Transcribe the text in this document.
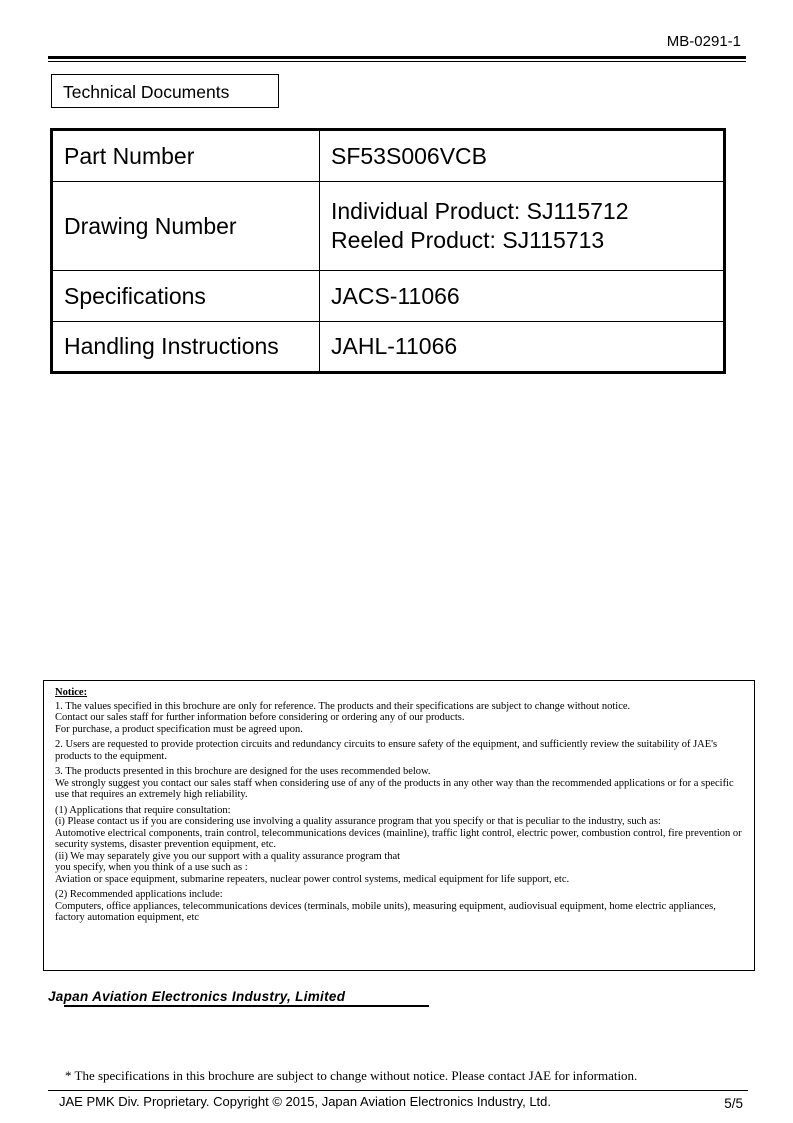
MB-0291-1
Technical Documents
Part Number	SF53S006VCB

Drawing Number	Individual Product: SJ115712
Reeled Product: SJ115713

Specifications	JACS-11066

Handling Instructions	JAHL-11066
Notice:

1. The values specified in this brochure are only for reference. The products and their specifications are subject to change without notice.
Contact our sales staff for further information before considering or ordering any of our products.
For purchase, a product specification must be agreed upon.

2. Users are requested to provide protection circuits and redundancy circuits to ensure safety of the equipment, and sufficiently review the suitability of JAE's products to the equipment.

3. The products presented in this brochure are designed for the uses recommended below.
We strongly suggest you contact our sales staff when considering use of any of the products in any other way than the recommended applications or for a specific use that requires an extremely high reliability.

(1) Applications that require consultation:
(i) Please contact us if you are considering use involving a quality assurance program that you specify or that is peculiar to the industry, such as:
Automotive electrical components, train control, telecommunications devices (mainline), traffic light control, electric power, combustion control, fire prevention or security systems, disaster prevention equipment, etc.
(ii) We may separately give you our support with a quality assurance program that
you specify, when you think of a use such as :
Aviation or space equipment, submarine repeaters, nuclear power control systems, medical equipment for life support, etc.

(2) Recommended applications include:
Computers, office appliances, telecommunications devices (terminals, mobile units), measuring equipment, audiovisual equipment, home electric appliances, factory automation equipment, etc

Japan Aviation Electronics Industry, Limited
* The specifications in this brochure are subject to change without notice. Please contact JAE for information.
JAE PMK Div. Proprietary. Copyright © 2015, Japan Aviation Electronics Industry, Ltd.	5/5
